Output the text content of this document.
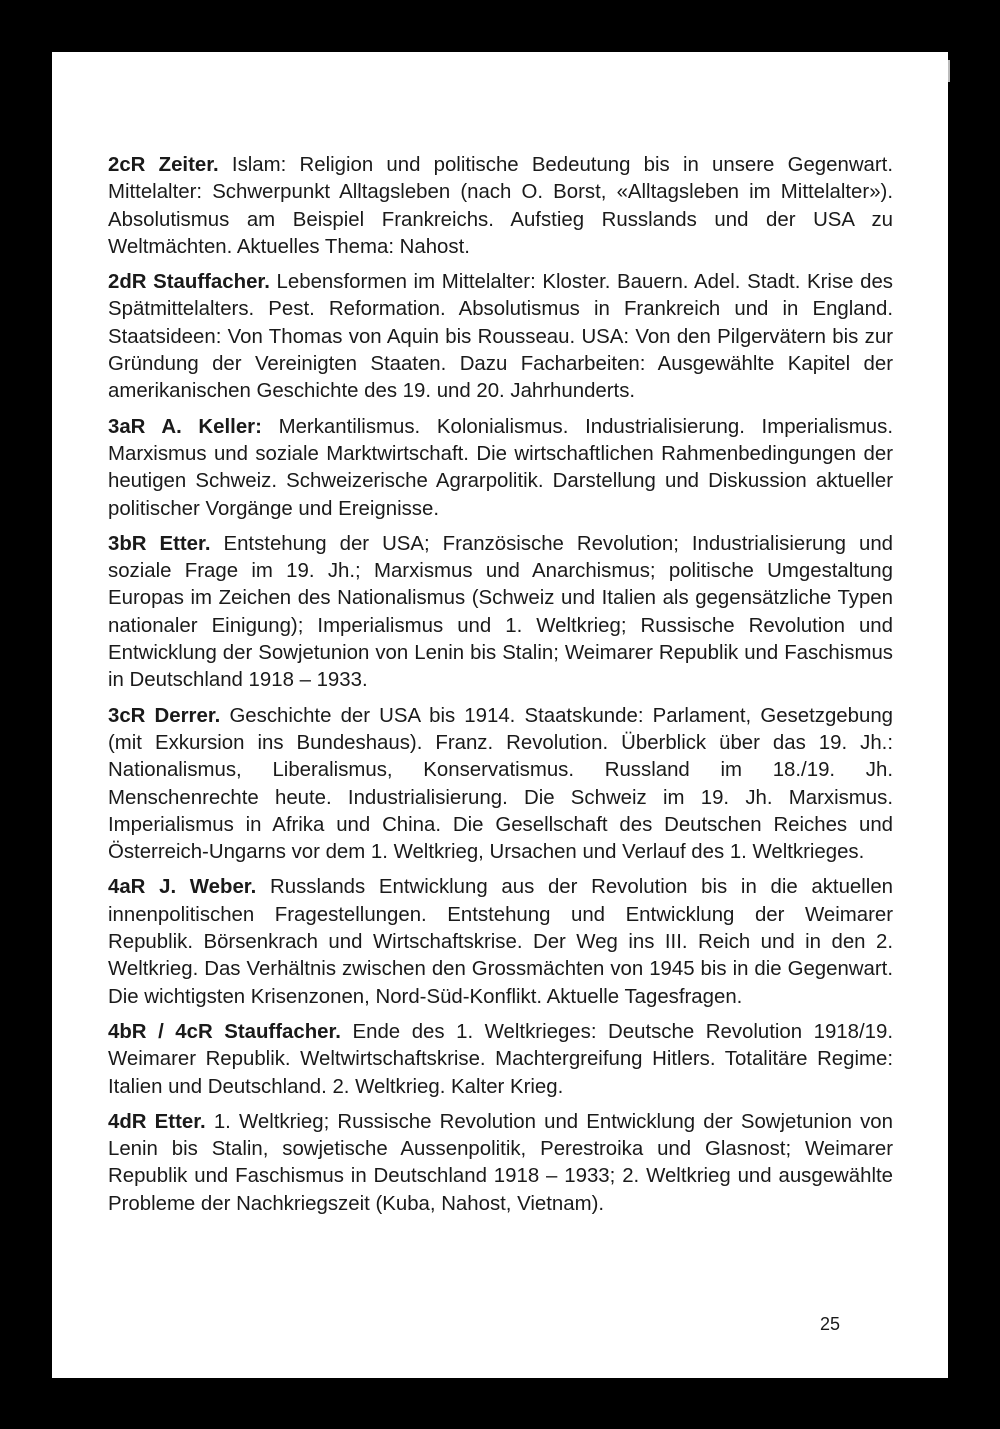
2cR Zeiter. Islam: Religion und politische Bedeutung bis in unsere Gegenwart. Mittelalter: Schwerpunkt Alltagsleben (nach O. Borst, «Alltagsleben im Mittelalter»). Absolutismus am Beispiel Frankreichs. Aufstieg Russlands und der USA zu Weltmächten. Aktuelles Thema: Nahost.

2dR Stauffacher. Lebensformen im Mittelalter: Kloster. Bauern. Adel. Stadt. Krise des Spätmittelalters. Pest. Reformation. Absolutismus in Frankreich und in England. Staatsideen: Von Thomas von Aquin bis Rousseau. USA: Von den Pilgervätern bis zur Gründung der Vereinigten Staaten. Dazu Facharbeiten: Ausgewählte Kapitel der amerikanischen Geschichte des 19. und 20. Jahrhunderts.

3aR A. Keller: Merkantilismus. Kolonialismus. Industrialisierung. Imperialismus. Marxismus und soziale Marktwirtschaft. Die wirtschaftlichen Rahmenbedingungen der heutigen Schweiz. Schweizerische Agrarpolitik. Darstellung und Diskussion aktueller politischer Vorgänge und Ereignisse.

3bR Etter. Entstehung der USA; Französische Revolution; Industrialisierung und soziale Frage im 19. Jh.; Marxismus und Anarchismus; politische Umgestaltung Europas im Zeichen des Nationalismus (Schweiz und Italien als gegensätzliche Typen nationaler Einigung); Imperialismus und 1. Weltkrieg; Russische Revolution und Entwicklung der Sowjetunion von Lenin bis Stalin; Weimarer Republik und Faschismus in Deutschland 1918 – 1933.

3cR Derrer. Geschichte der USA bis 1914. Staatskunde: Parlament, Gesetzgebung (mit Exkursion ins Bundeshaus). Franz. Revolution. Überblick über das 19. Jh.: Nationalismus, Liberalismus, Konservatismus. Russland im 18./19. Jh. Menschenrechte heute. Industrialisierung. Die Schweiz im 19. Jh. Marxismus. Imperialismus in Afrika und China. Die Gesellschaft des Deutschen Reiches und Österreich-Ungarns vor dem 1. Weltkrieg, Ursachen und Verlauf des 1. Weltkrieges.

4aR J. Weber. Russlands Entwicklung aus der Revolution bis in die aktuellen innenpolitischen Fragestellungen. Entstehung und Entwicklung der Weimarer Republik. Börsenkrach und Wirtschaftskrise. Der Weg ins III. Reich und in den 2. Weltkrieg. Das Verhältnis zwischen den Grossmächten von 1945 bis in die Gegenwart. Die wichtigsten Krisenzonen, Nord-Süd-Konflikt. Aktuelle Tagesfragen.

4bR / 4cR Stauffacher. Ende des 1. Weltkrieges: Deutsche Revolution 1918/19. Weimarer Republik. Weltwirtschaftskrise. Machtergreifung Hitlers. Totalitäre Regime: Italien und Deutschland. 2. Weltkrieg. Kalter Krieg.

4dR Etter. 1. Weltkrieg; Russische Revolution und Entwicklung der Sowjetunion von Lenin bis Stalin, sowjetische Aussenpolitik, Perestroika und Glasnost; Weimarer Republik und Faschismus in Deutschland 1918 – 1933; 2. Weltkrieg und ausgewählte Probleme der Nachkriegszeit (Kuba, Nahost, Vietnam).

25
